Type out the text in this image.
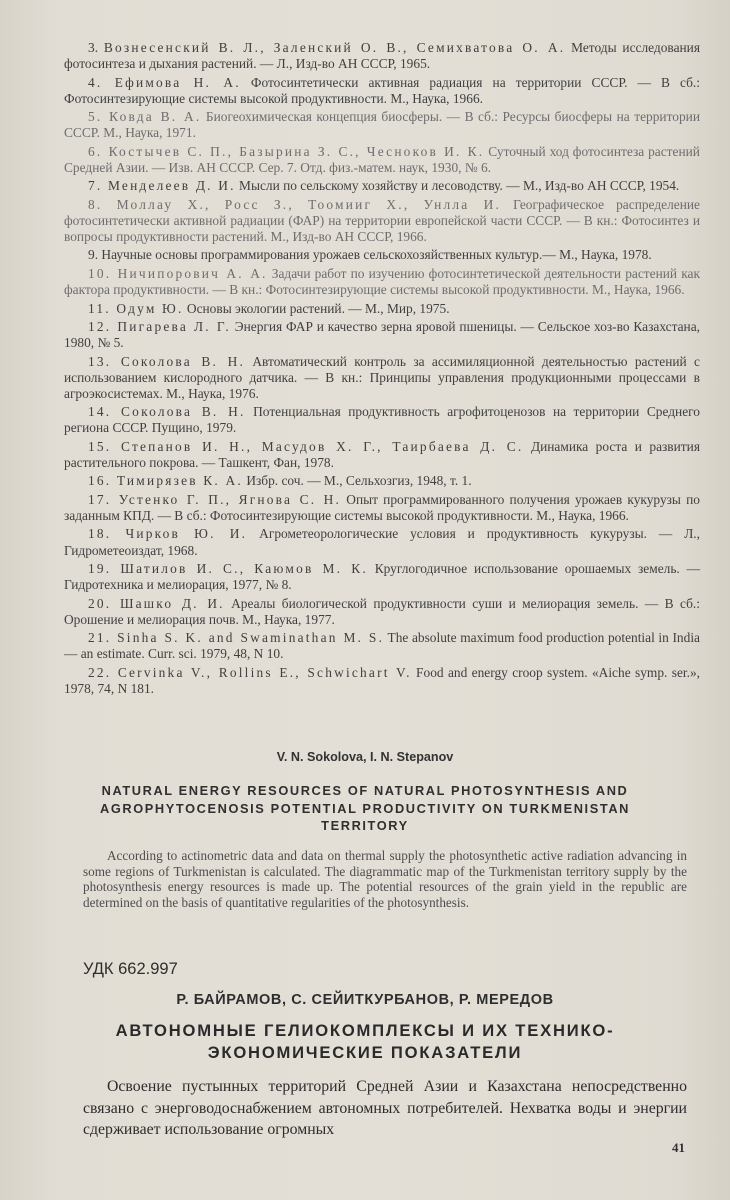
3. Вознесенский В. Л., Заленский О. В., Семихватова О. А. Методы исследования фотосинтеза и дыхания растений. — Л., Изд-во АН СССР, 1965.

4. Ефимова Н. А. Фотосинтетически активная радиация на территории СССР. — В сб.: Фотосинтезирующие системы высокой продуктивности. М., Наука, 1966.

5. Ковда В. А. Биогеохимическая концепция биосферы. — В сб.: Ресурсы биосферы на территории СССР. М., Наука, 1971.

6. Костычев С. П., Базырина З. С., Чесноков И. К. Суточный ход фотосинтеза растений Средней Азии. — Изв. АН СССР. Сер. 7. Отд. физ.-матем. наук, 1930, № 6.

7. Менделеев Д. И. Мысли по сельскому хозяйству и лесоводству. — М., Изд-во АН СССР, 1954.

8. Моллау Х., Росс З., Тоомииг Х., Унлла И. Географическое распределение фотосинтетически активной радиации (ФАР) на территории европейской части СССР. — В кн.: Фотосинтез и вопросы продуктивности растений. М., Изд-во АН СССР, 1966.

9. Научные основы программирования урожаев сельскохозяйственных культур.— М., Наука, 1978.

10. Ничипорович А. А. Задачи работ по изучению фотосинтетической деятельности растений как фактора продуктивности. — В кн.: Фотосинтезирующие системы высокой продуктивности. М., Наука, 1966.

11. Одум Ю. Основы экологии растений. — М., Мир, 1975.

12. Пигарева Л. Г. Энергия ФАР и качество зерна яровой пшеницы. — Сельское хоз-во Казахстана, 1980, № 5.

13. Соколова В. Н. Автоматический контроль за ассимиляционной деятельностью растений с использованием кислородного датчика. — В кн.: Принципы управления продукционными процессами в агроэкосистемах. М., Наука, 1976.

14. Соколова В. Н. Потенциальная продуктивность агрофитоценозов на территории Среднего региона СССР. Пущино, 1979.

15. Степанов И. Н., Масудов Х. Г., Таирбаева Д. С. Динамика роста и развития растительного покрова. — Ташкент, Фан, 1978.

16. Тимирязев К. А. Избр. соч. — М., Сельхозгиз, 1948, т. 1.

17. Устенко Г. П., Ягнова С. Н. Опыт программированного получения урожаев кукурузы по заданным КПД. — В сб.: Фотосинтезирующие системы высокой продуктивности. М., Наука, 1966.

18. Чирков Ю. И. Агрометеорологические условия и продуктивность кукурузы. — Л., Гидрометеоиздат, 1968.

19. Шатилов И. С., Каюмов М. К. Круглогодичное использование орошаемых земель. — Гидротехника и мелиорация, 1977, № 8.

20. Шашко Д. И. Ареалы биологической продуктивности суши и мелиорация земель. — В сб.: Орошение и мелиорация почв. М., Наука, 1977.

21. Sinha S. K. and Swaminathan M. S. The absolute maximum food production potential in India — an estimate. Curr. sci. 1979, 48, N 10.

22. Cervinka V., Rollins E., Schwichart V. Food and energy croop system. «Aiche symp. ser.», 1978, 74, N 181.

V. N. Sokolova, I. N. Stepanov
NATURAL ENERGY RESOURCES OF NATURAL PHOTOSYNTHESIS AND AGROPHYTOCENOSIS POTENTIAL PRODUCTIVITY ON TURKMENISTAN TERRITORY

According to actinometric data and data on thermal supply the photosynthetic active radiation advancing in some regions of Turkmenistan is calculated. The diagrammatic map of the Turkmenistan territory supply by the photosynthesis energy resources is made up. The potential resources of the grain yield in the republic are determined on the basis of quantitative regularities of the photosynthesis.

УДК 662.997
Р. БАЙРАМОВ, С. СЕЙИТКУРБАНОВ, Р. МЕРЕДОВ
АВТОНОМНЫЕ ГЕЛИОКОМПЛЕКСЫ И ИХ ТЕХНИКО-ЭКОНОМИЧЕСКИЕ ПОКАЗАТЕЛИ

Освоение пустынных территорий Средней Азии и Казахстана непосредственно связано с энерговодоснабжением автономных потребителей. Нехватка воды и энергии сдерживает использование огромных

41
